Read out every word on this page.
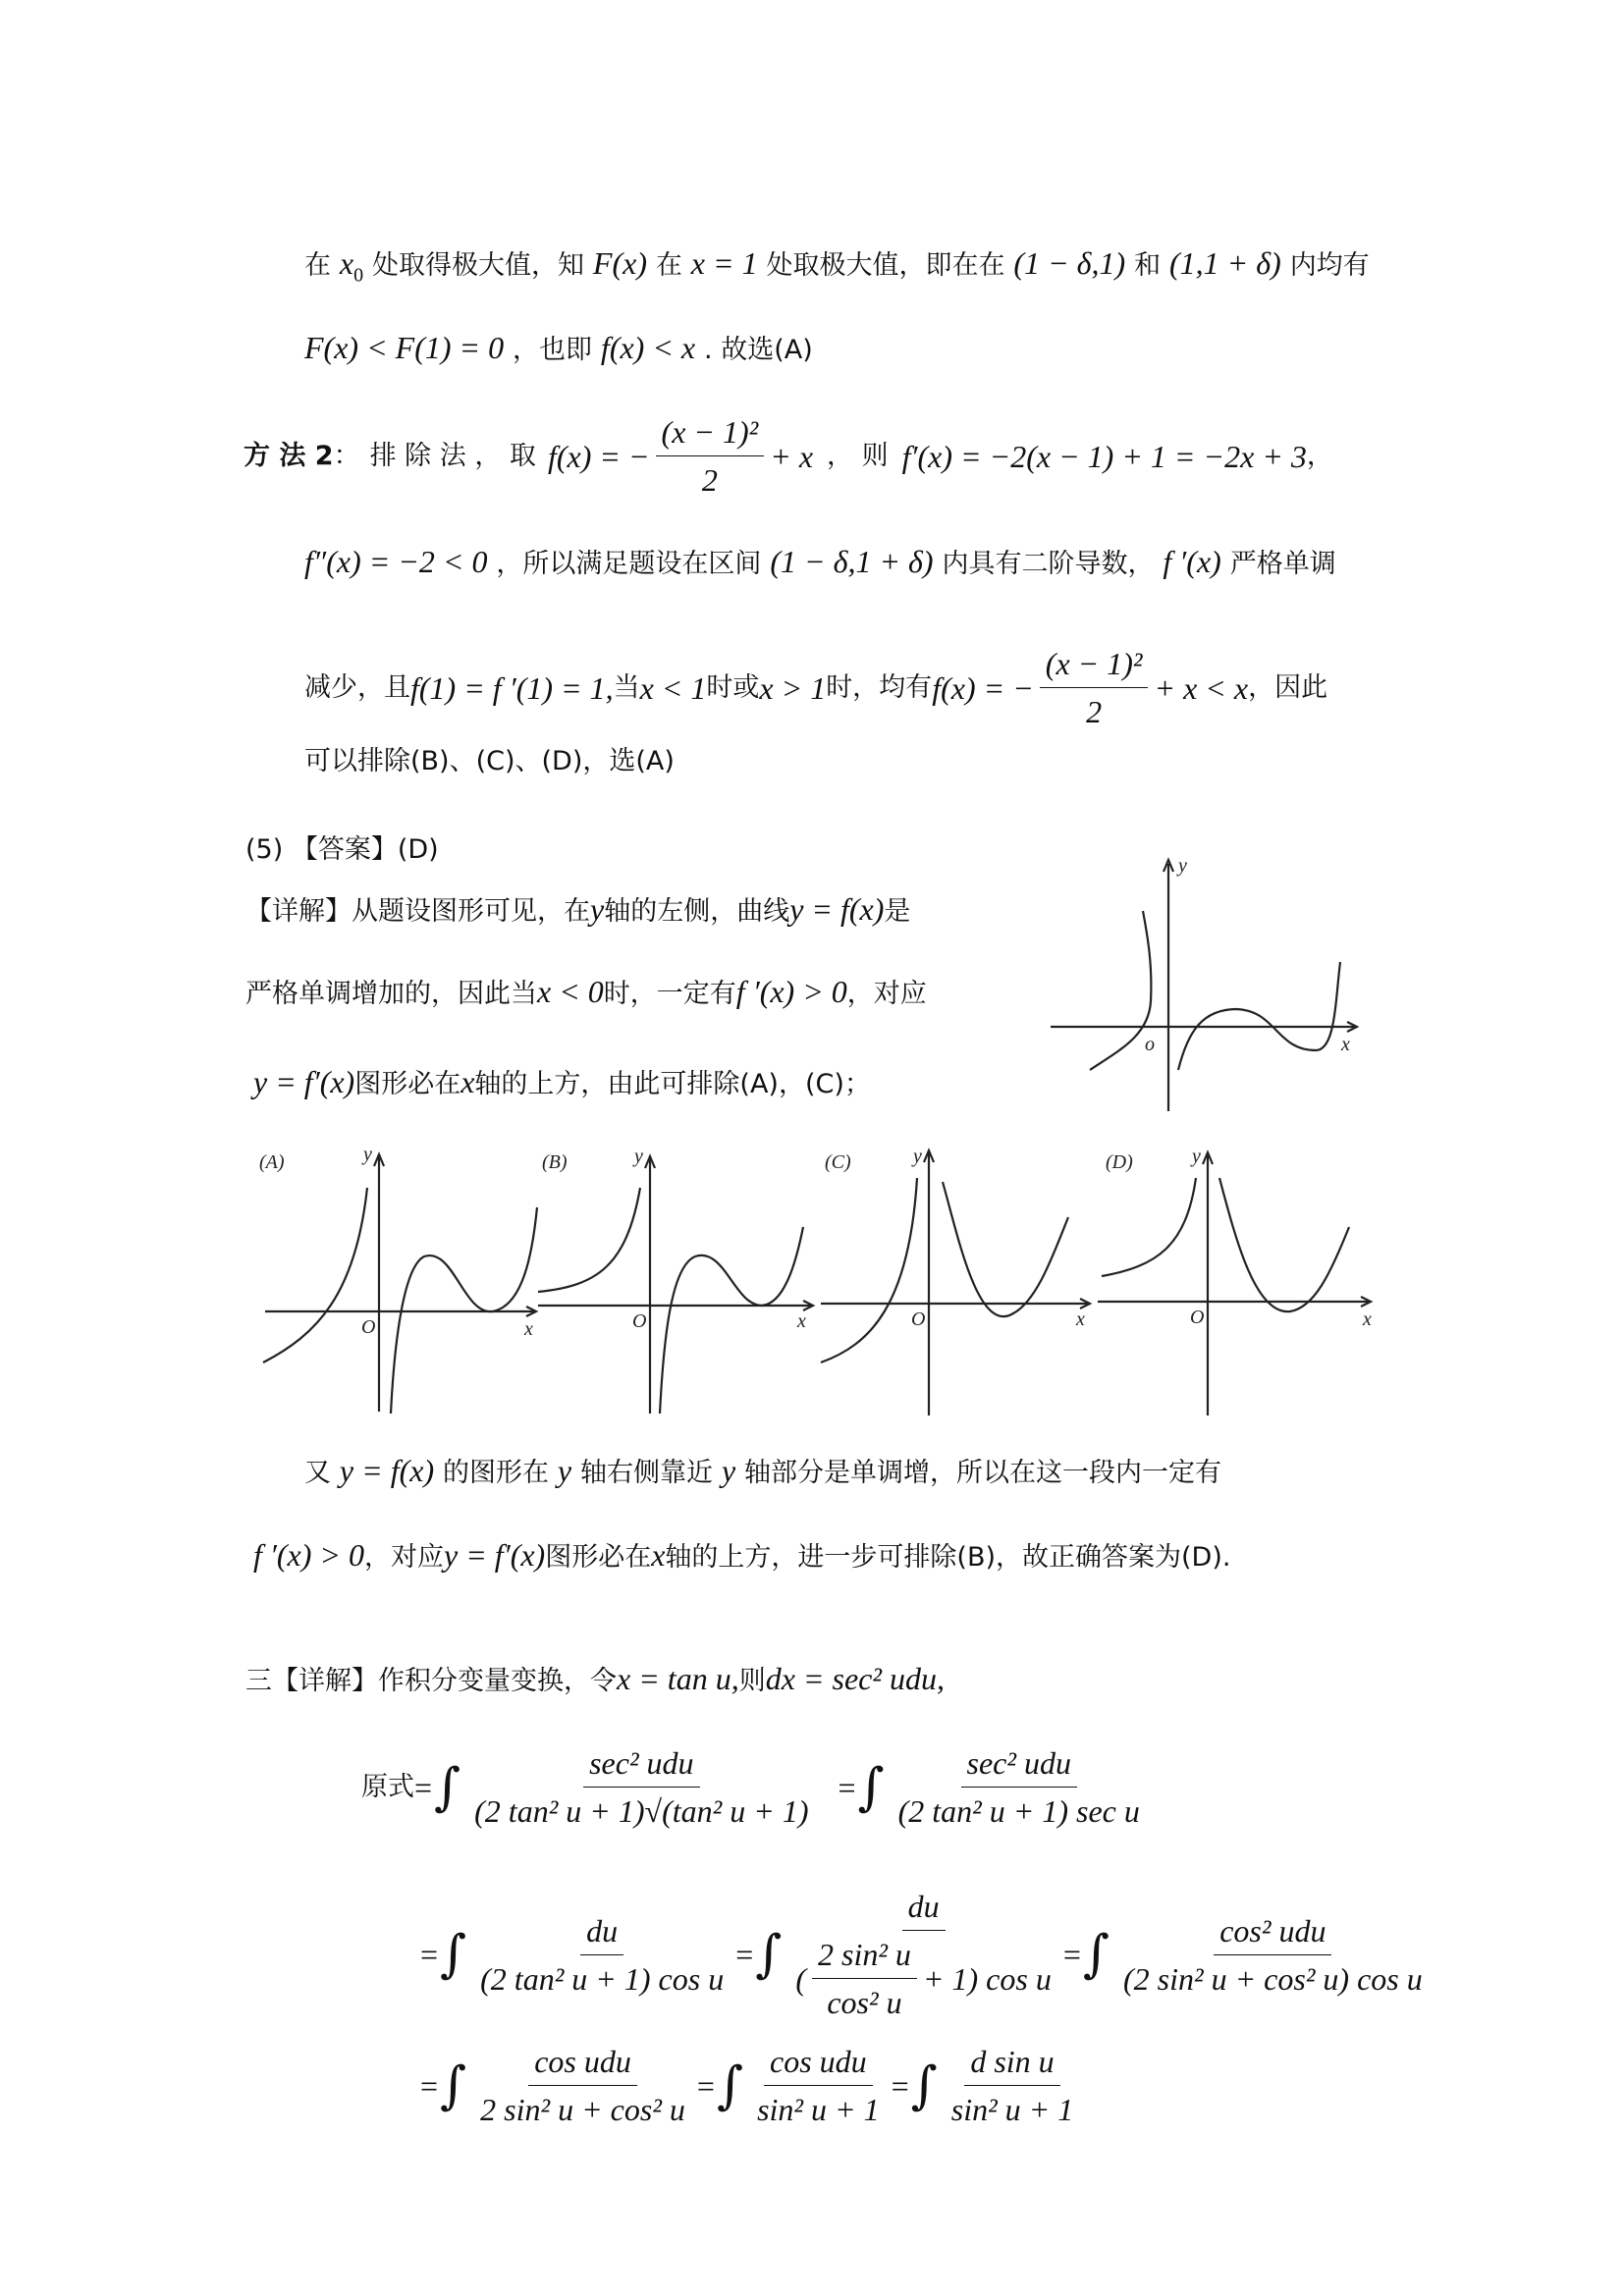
在 $x_0$ 处取得极大值，知 F(x) 在 x = 1 处取极大值，即在在 (1 − δ,1) 和 (1,1 + δ) 内均有
F(x) < F(1) = 0 ，也即 f(x) < x . 故选(A)
方 法 2 ： 排 除 法 ， 取 f(x) = − $\frac{\text{(x − 1)²}}{2} + x$ ， 则 f′(x) = −2(x − 1) + 1 = −2x + 3 ，
f″(x) = −2 < 0 ，所以满足题设在区间 (1 − δ,1 + δ) 内具有二阶导数， f ′(x) 严格单调
减少，且 f(1) = f ′(1) = 1, 当 x < 1 时或 x > 1 时，均有 f(x) = − $\frac{\text{(x − 1)²}}{2} + x < x$ ，因此
可以排除(B)、(C)、(D)，选(A)
(5) 【答案】(D)
【详解】从题设图形可见，在y轴的左侧，曲线y = f(x)是
严格单调增加的，因此当x < 0时，一定有f ′(x) > 0，对应
y = f′(x)图形必在x轴的上方，由此可排除(A)，(C)；
y
o	x
(A)	y
O	x
(B)	y
O	x
(C)	y
O	x
(D)	y
O	x
又 y = f(x) 的图形在 y 轴右侧靠近 y 轴部分是单调增，所以在这一段内一定有
f ′(x) > 0，对应y = f′(x)图形必在x轴的上方，进一步可排除(B)，故正确答案为(D).
三【详解】作积分变量变换，令x = tan u,则dx = sec² udu,
原式 = ∫ $\frac{\text{sec² udu}}{\text{(2 tan² u + 1)√(tan² u + 1)}}$ = ∫ $\frac{\text{sec² udu}}{\text{(2 tan² u + 1) sec u}}$
= ∫ $\frac{du}{\text{(2 tan² u + 1) cos u}}$ = ∫ $\frac{du}{( \frac{\text{2 sin² u}}{\text{cos² u}} + 1) \cos u}$ = ∫ $\frac{\text{cos² udu}}{\text{(2 sin² u + cos² u) cos u}}$
= ∫ $\frac{\text{cos udu}}{\text{2 sin² u + cos² u}}$ = ∫ $\frac{\text{cos udu}}{\text{sin² u + 1}}$ = ∫ $\frac{\text{d sin u}}{\text{sin² u + 1}}$
